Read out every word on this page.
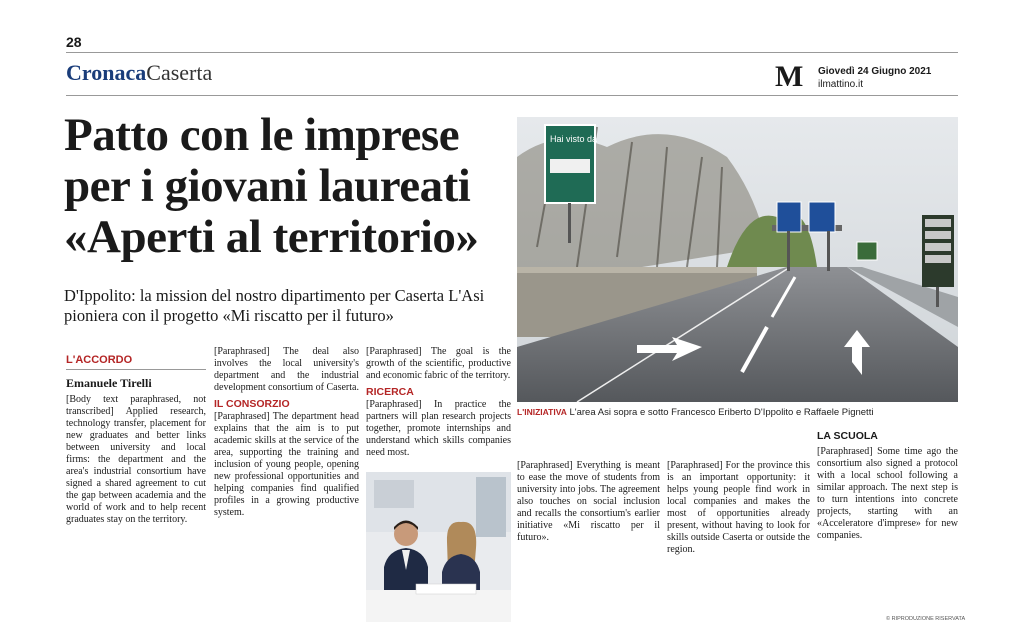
28
CronacaCaserta	M Giovedì 24 Giugno 2021
ilmattino.it
Patto con le imprese per i giovani laureati «Aperti al territorio»
D'Ippolito: la mission del nostro dipartimento per Caserta L'Asi pioniera con il progetto «Mi riscatto per il futuro»
Hai visto da
L'INIZIATIVA L'area Asi sopra e sotto Francesco Eriberto D'Ippolito e Raffaele Pignetti
L'ACCORDO
Emanuele Tirelli

[Body text paraphrased, not transcribed] Applied research, technology transfer, placement for new graduates and better links between university and local firms: the department and the area's industrial consortium have signed a shared agreement to cut the gap between academia and the world of work and to help recent graduates stay on the territory.

[Paraphrased] The deal also involves the local university's department and the industrial development consortium of Caserta.

IL CONSORZIO

[Paraphrased] The department head explains that the aim is to put academic skills at the service of the area, supporting the training and inclusion of young people, opening new professional opportunities and helping companies find qualified profiles in a growing productive system.

[Paraphrased] The goal is the growth of the scientific, productive and economic fabric of the territory.

RICERCA

[Paraphrased] In practice the partners will plan research projects together, promote internships and understand which skills companies need most.

[Paraphrased] Everything is meant to ease the move of students from university into jobs. The agreement also touches on social inclusion and recalls the consortium's earlier initiative «Mi riscatto per il futuro».

[Paraphrased] For the province this is an important opportunity: it helps young people find work in local companies and makes the most of opportunities already present, without having to look for skills outside Caserta or outside the region.

LA SCUOLA

[Paraphrased] Some time ago the consortium also signed a protocol with a local school following a similar approach. The next step is to turn intentions into concrete projects, starting with an «Acceleratore d'imprese» for new companies.

© RIPRODUZIONE RISERVATA
